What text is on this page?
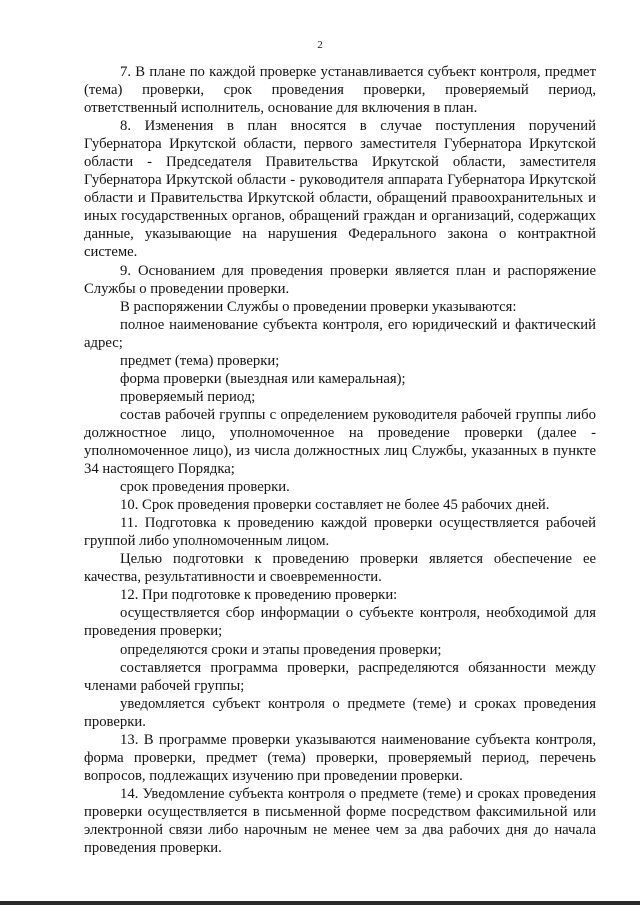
2

7. В плане по каждой проверке устанавливается субъект контроля, предмет (тема) проверки, срок проведения проверки, проверяемый период, ответственный исполнитель, основание для включения в план.

8. Изменения в план вносятся в случае поступления поручений Губернатора Иркутской области, первого заместителя Губернатора Иркутской области - Председателя Правительства Иркутской области, заместителя Губернатора Иркутской области - руководителя аппарата Губернатора Иркутской области и Правительства Иркутской области, обращений правоохранительных и иных государственных органов, обращений граждан и организаций, содержащих данные, указывающие на нарушения Федерального закона о контрактной системе.

9. Основанием для проведения проверки является план и распоряжение Службы о проведении проверки.

В распоряжении Службы о проведении проверки указываются:

полное наименование субъекта контроля, его юридический и фактический адрес;

предмет (тема) проверки;

форма проверки (выездная или камеральная);

проверяемый период;

состав рабочей группы с определением руководителя рабочей группы либо должностное лицо, уполномоченное на проведение проверки (далее - уполномоченное лицо), из числа должностных лиц Службы, указанных в пункте 34 настоящего Порядка;

срок проведения проверки.

10. Срок проведения проверки составляет не более 45 рабочих дней.

11. Подготовка к проведению каждой проверки осуществляется рабочей группой либо уполномоченным лицом.

Целью подготовки к проведению проверки является обеспечение ее качества, результативности и своевременности.

12. При подготовке к проведению проверки:

осуществляется сбор информации о субъекте контроля, необходимой для проведения проверки;

определяются сроки и этапы проведения проверки;

составляется программа проверки, распределяются обязанности между членами рабочей группы;

уведомляется субъект контроля о предмете (теме) и сроках проведения проверки.

13. В программе проверки указываются наименование субъекта контроля, форма проверки, предмет (тема) проверки, проверяемый период, перечень вопросов, подлежащих изучению при проведении проверки.

14. Уведомление субъекта контроля о предмете (теме) и сроках проведения проверки осуществляется в письменной форме посредством факсимильной или электронной связи либо нарочным не менее чем за два рабочих дня до начала проведения проверки.
